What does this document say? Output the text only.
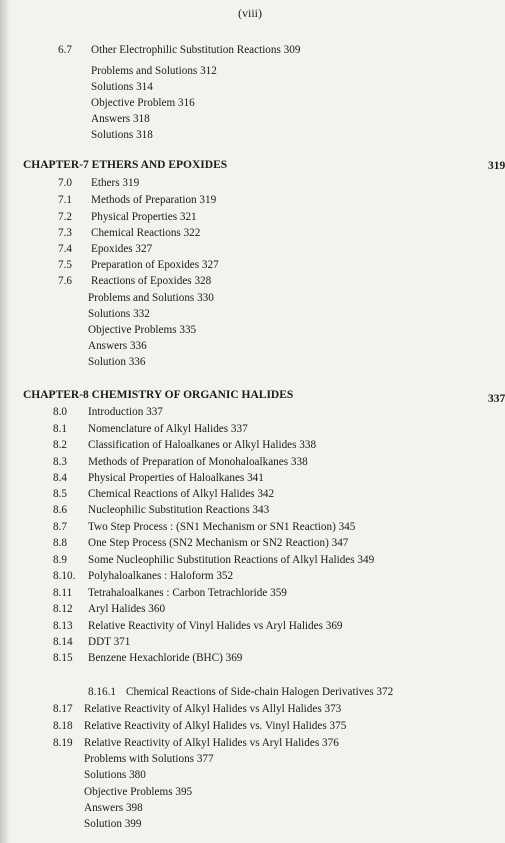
(viii)
6.7 Other Electrophilic Substitution Reactions 309
Problems and Solutions 312
Solutions 314
Objective Problem 316
Answers 318
Solutions 318
CHAPTER-7 ETHERS AND EPOXIDES	319
7.0 Ethers 319
7.1 Methods of Preparation 319
7.2 Physical Properties 321
7.3 Chemical Reactions 322
7.4 Epoxides 327
7.5 Preparation of Epoxides 327
7.6 Reactions of Epoxides 328
Problems and Solutions 330
Solutions 332
Objective Problems 335
Answers 336
Solution 336
CHAPTER-8 CHEMISTRY OF ORGANIC HALIDES	337
8.0 Introduction 337
8.1 Nomenclature of Alkyl Halides 337
8.2 Classification of Haloalkanes or Alkyl Halides 338
8.3 Methods of Preparation of Monohaloalkanes 338
8.4 Physical Properties of Haloalkanes 341
8.5 Chemical Reactions of Alkyl Halides 342
8.6 Nucleophilic Substitution Reactions 343
8.7 Two Step Process : (SN1 Mechanism or SN1 Reaction) 345
8.8 One Step Process (SN2 Mechanism or SN2 Reaction) 347
8.9 Some Nucleophilic Substitution Reactions of Alkyl Halides 349
8.10. Polyhaloalkanes : Haloform 352
8.11 Tetrahaloalkanes : Carbon Tetrachloride 359
8.12 Aryl Halides 360
8.13 Relative Reactivity of Vinyl Halides vs Aryl Halides 369
8.14 DDT 371
8.15 Benzene Hexachloride (BHC) 369
8.16.1 Chemical Reactions of Side-chain Halogen Derivatives 372
8.17 Relative Reactivity of Alkyl Halides vs Allyl Halides 373
8.18 Relative Reactivity of Alkyl Halides vs. Vinyl Halides 375
8.19 Relative Reactivity of Alkyl Halides vs Aryl Halides 376
Problems with Solutions 377
Solutions 380
Objective Problems 395
Answers 398
Solution 399
